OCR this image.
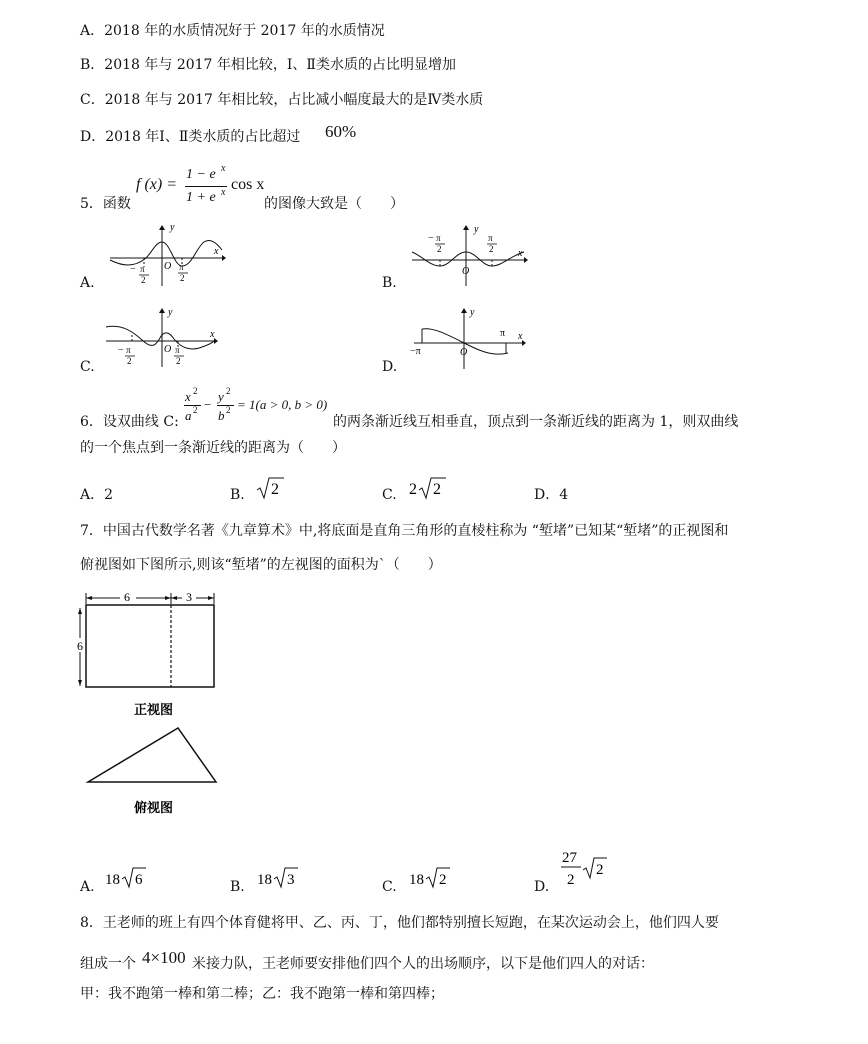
A．2018 年的水质情况好于 2017 年的水质情况
B．2018 年与 2017 年相比较，Ⅰ、Ⅱ类水质的占比明显增加
C．2018 年与 2017 年相比较，占比减小幅度最大的是Ⅳ类水质
D．2018 年Ⅰ、Ⅱ类水质的占比超过 60%
5．函数
f (x) =
1 − e x
1 + e x cos x
的图像大致是（　　）
A.
y
x
O
− π
2
π
2	B.
y
x
O
− π
2
π
2
C.
y
x
O
− π
2
π
2	D.
y
x
O
−π
π
6．设双曲线 C:
x 2
a 2 −
y 2
b 2 = 1(a > 0, b > 0)
的两条渐近线互相垂直，顶点到一条渐近线的距离为 1，则双曲线
的一个焦点到一条渐近线的距离为（　　）
A．2	B. 2	C. 2 2	D．4
7．中国古代数学名著《九章算术》中,将底面是直角三角形的直棱柱称为 “堑堵”已知某“堑堵”的正视图和
俯视图如下图所示,则该“堑堵”的左视图的面积为`（　　）
6	3
6
正视图
俯视图
A. 18 6	B. 18 3	C. 18 2	D.
27
2
2
8．王老师的班上有四个体育健将甲、乙、丙、丁，他们都特别擅长短跑，在某次运动会上，他们四人要
组成一个 4×100 米接力队，王老师要安排他们四个人的出场顺序，以下是他们四人的对话：
甲：我不跑第一棒和第二棒；乙：我不跑第一棒和第四棒；
